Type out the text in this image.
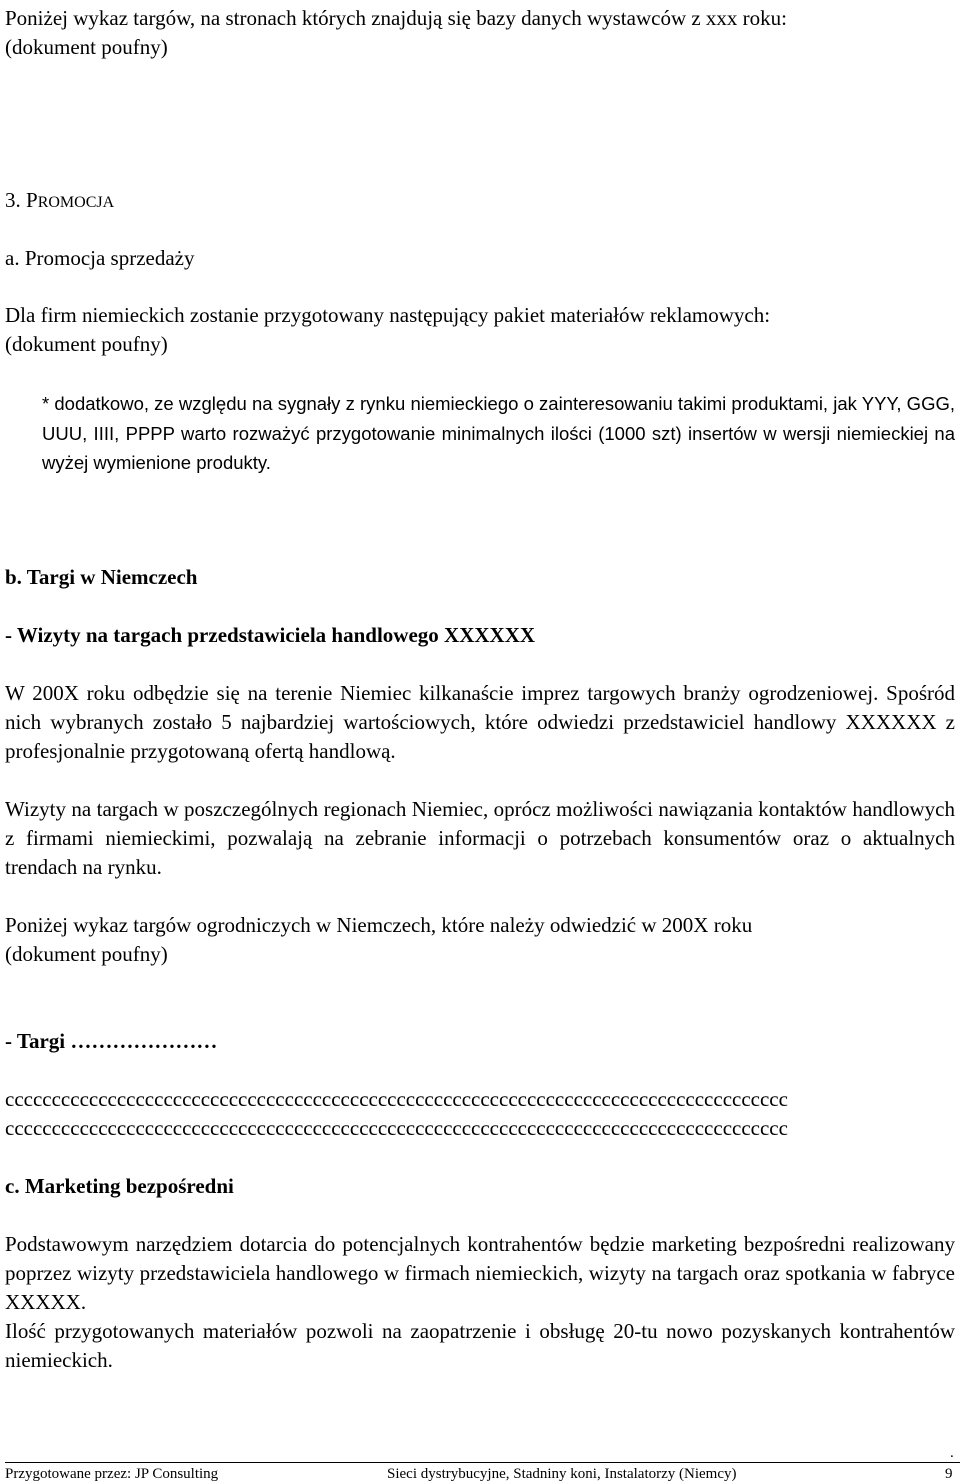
Poniżej wykaz targów, na stronach których znajdują się bazy danych wystawców z xxx roku:
(dokument poufny)
3. PROMOCJA
a. Promocja sprzedaży
Dla firm niemieckich zostanie przygotowany następujący pakiet materiałów reklamowych:
(dokument poufny)

* dodatkowo, ze względu na sygnały z rynku niemieckiego o zainteresowaniu takimi produktami, jak YYY, GGG, UUU, IIII, PPPP warto rozważyć przygotowanie minimalnych ilości (1000 szt) insertów w wersji niemieckiej na wyżej wymienione produkty.

b. Targi w Niemczech
- Wizyty na targach przedstawiciela handlowego XXXXXX

W 200X roku odbędzie się na terenie Niemiec kilkanaście imprez targowych branży ogrodzeniowej. Spośród nich wybranych zostało 5 najbardziej wartościowych, które odwiedzi przedstawiciel handlowy XXXXXX z profesjonalnie przygotowaną ofertą handlową.

Wizyty na targach w poszczególnych regionach Niemiec, oprócz możliwości nawiązania kontaktów handlowych z firmami niemieckimi, pozwalają na zebranie informacji o potrzebach konsumentów oraz o aktualnych trendach na rynku.

Poniżej wykaz targów ogrodniczych w Niemczech, które należy odwiedzić w 200X roku
(dokument poufny)
- Targi …………………
cccccccccccccccccccccccccccccccccccccccccccccccccccccccccccccccccccccccccccccccccccc
cccccccccccccccccccccccccccccccccccccccccccccccccccccccccccccccccccccccccccccccccccc
c. Marketing bezpośredni

Podstawowym narzędziem dotarcia do potencjalnych kontrahentów będzie marketing bezpośredni realizowany poprzez wizyty przedstawiciela handlowego w firmach niemieckich, wizyty na targach oraz spotkania w fabryce XXXXX.

Ilość przygotowanych materiałów pozwoli na zaopatrzenie i obsługę 20-tu nowo pozyskanych kontrahentów niemieckich.

.
Przygotowane przez: JP Consulting	Sieci dystrybucyjne, Stadniny koni, Instalatorzy (Niemcy)	9
